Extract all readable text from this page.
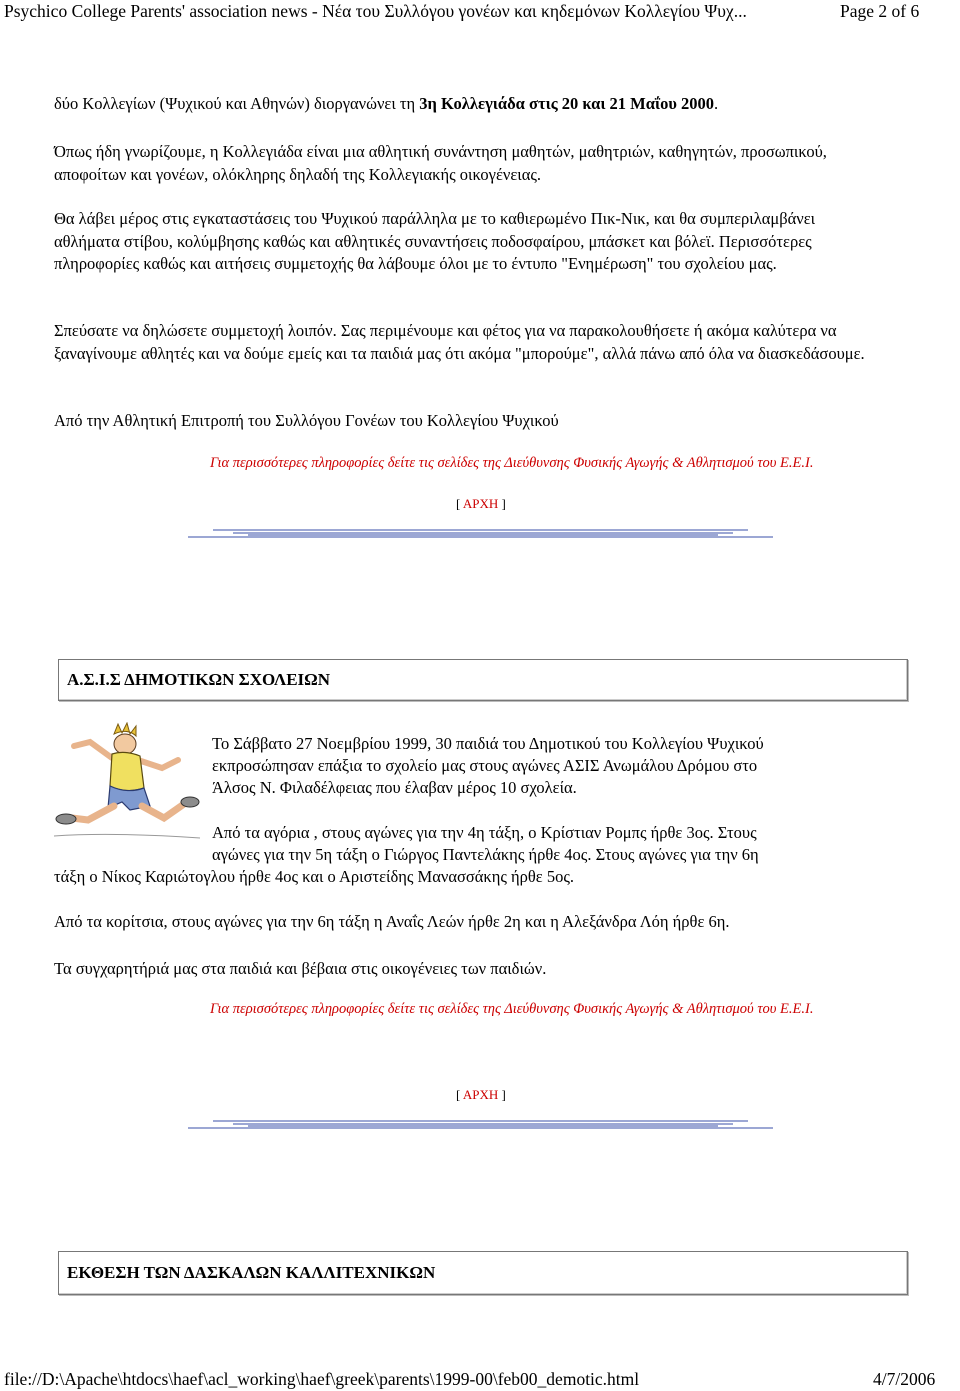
Psychico College Parents' association news - Νέα του Συλλόγου γονέων και κηδεμόνων Κολλεγίου Ψυχ...	Page 2 of 6

δύο Κολλεγίων (Ψυχικού και Αθηνών) διοργανώνει τη 3η Κολλεγιάδα στις 20 και 21 Μαΐου 2000.

Όπως ήδη γνωρίζουμε, η Κολλεγιάδα είναι μια αθλητική συνάντηση μαθητών, μαθητριών, καθηγητών, προσωπικού, αποφοίτων και γονέων, ολόκληρης δηλαδή της Κολλεγιακής οικογένειας.

Θα λάβει μέρος στις εγκαταστάσεις του Ψυχικού παράλληλα με το καθιερωμένο Πικ-Νικ, και θα συμπεριλαμβάνει αθλήματα στίβου, κολύμβησης καθώς και αθλητικές συναντήσεις ποδοσφαίρου, μπάσκετ και βόλεϊ. Περισσότερες πληροφορίες καθώς και αιτήσεις συμμετοχής θα λάβουμε όλοι με το έντυπο "Ενημέρωση" του σχολείου μας.

Σπεύσατε να δηλώσετε συμμετοχή λοιπόν. Σας περιμένουμε και φέτος για να παρακολουθήσετε ή ακόμα καλύτερα να ξαναγίνουμε αθλητές και να δούμε εμείς και τα παιδιά μας ότι ακόμα "μπορούμε", αλλά πάνω από όλα να διασκεδάσουμε.

Από την Αθλητική Επιτροπή του Συλλόγου Γονέων του Κολλεγίου Ψυχικού

Για περισσότερες πληροφορίες δείτε τις σελίδες της Διεύθυνσης Φυσικής Αγωγής & Αθλητισμού του Ε.Ε.Ι.
[ ΑΡΧΗ ]
Α.Σ.Ι.Σ ΔΗΜΟΤΙΚΩΝ ΣΧΟΛΕΙΩΝ
Το Σάββατο 27 Νοεμβρίου 1999, 30 παιδιά του Δημοτικού του Κολλεγίου Ψυχικού
εκπροσώπησαν επάξια το σχολείο μας στους αγώνες ΑΣΙΣ Ανωμάλου Δρόμου στο
Άλσος Ν. Φιλαδέλφειας που έλαβαν μέρος 10 σχολεία.
Από τα αγόρια , στους αγώνες για την 4η τάξη, ο Κρίστιαν Ρομπς ήρθε 3ος. Στους
αγώνες για την 5η τάξη ο Γιώργος Παντελάκης ήρθε 4ος. Στους αγώνες για την 6η
τάξη ο Νίκος Καριώτογλου ήρθε 4ος και ο Αριστείδης Μανασσάκης ήρθε 5ος.
Από τα κορίτσια, στους αγώνες για την 6η τάξη η Αναΐς Λεών ήρθε 2η και η Αλεξάνδρα Λόη ήρθε 6η.
Τα συγχαρητήριά μας στα παιδιά και βέβαια στις οικογένειες των παιδιών.
Για περισσότερες πληροφορίες δείτε τις σελίδες της Διεύθυνσης Φυσικής Αγωγής & Αθλητισμού του Ε.Ε.Ι.
[ ΑΡΧΗ ]
ΕΚΘΕΣΗ ΤΩΝ ΔΑΣΚΑΛΩΝ ΚΑΛΛΙΤΕΧΝΙΚΩΝ
file://D:\Apache\htdocs\haef\acl_working\haef\greek\parents\1999-00\feb00_demotic.html	4/7/2006
